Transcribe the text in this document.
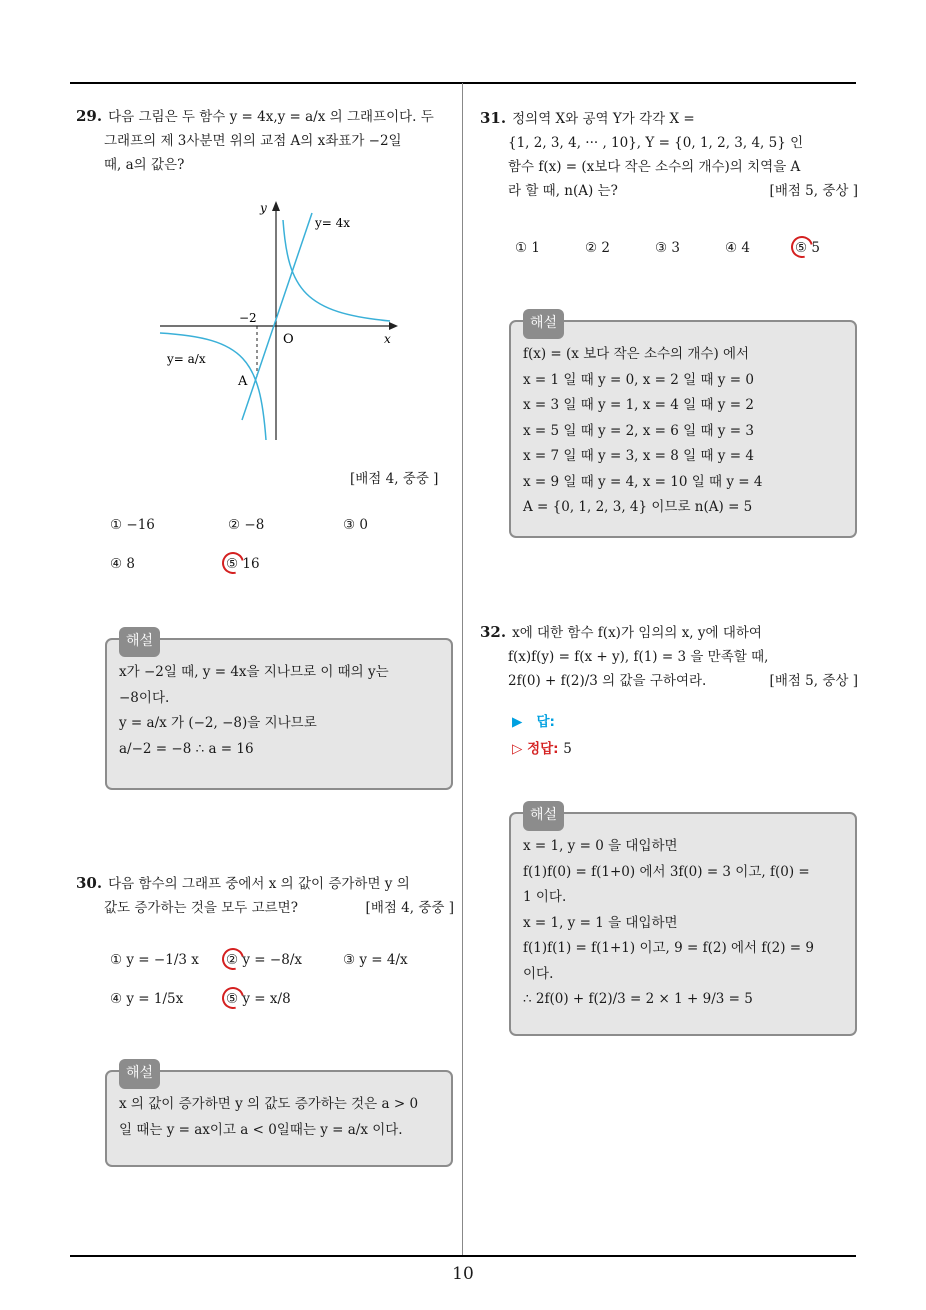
10
29. 다음 그림은 두 함수 y = 4x,y = a/x 의 그래프이다. 두
그래프의 제 3사분면 위의 교점 A의 x좌표가 −2일
때, a의 값은?
y
x
O
−2
y= 4x
y= a/x
A
[배점 4, 중중 ]
① −16	② −8	③ 0
④ 8	⑤ 16
해설
x가 −2일 때, y = 4x을 지나므로 이 때의 y는
−8이다.
y = a/x 가 (−2, −8)을 지나므로
a/−2 = −8 ∴ a = 16
30. 다음 함수의 그래프 중에서 x 의 값이 증가하면 y 의
값도 증가하는 것을 모두 고르면?	[배점 4, 중중 ]
① y = −1/3 x ② y = −8/x	③ y = 4/x
④ y = 1/5x	⑤ y = x/8
해설
x 의 값이 증가하면 y 의 값도 증가하는 것은 a > 0
일 때는 y = ax이고 a < 0일때는 y = a/x 이다.
31. 정의역 X와 공역 Y가 각각 X =
{1, 2, 3, 4, ··· , 10}, Y = {0, 1, 2, 3, 4, 5} 인
함수 f(x) = (x보다 작은 소수의 개수)의 치역을 A
라 할 때, n(A) 는?	[배점 5, 중상 ]
① 1	② 2	③ 3	④ 4	⑤ 5
해설
f(x) = (x 보다 작은 소수의 개수) 에서
x = 1 일 때 y = 0, x = 2 일 때 y = 0
x = 3 일 때 y = 1, x = 4 일 때 y = 2
x = 5 일 때 y = 2, x = 6 일 때 y = 3
x = 7 일 때 y = 3, x = 8 일 때 y = 4
x = 9 일 때 y = 4, x = 10 일 때 y = 4
A = {0, 1, 2, 3, 4} 이므로 n(A) = 5
32. x에 대한 함수 f(x)가 임의의 x, y에 대하여
f(x)f(y) = f(x + y), f(1) = 3 을 만족할 때,
2f(0) + f(2)/3 의 값을 구하여라.	[배점 5, 중상 ]
▶ 답:
▷ 정답: 5
해설
x = 1, y = 0 을 대입하면
f(1)f(0) = f(1+0) 에서 3f(0) = 3 이고, f(0) =
1 이다.
x = 1, y = 1 을 대입하면
f(1)f(1) = f(1+1) 이고, 9 = f(2) 에서 f(2) = 9
이다.
∴ 2f(0) + f(2)/3 = 2 × 1 + 9/3 = 5
